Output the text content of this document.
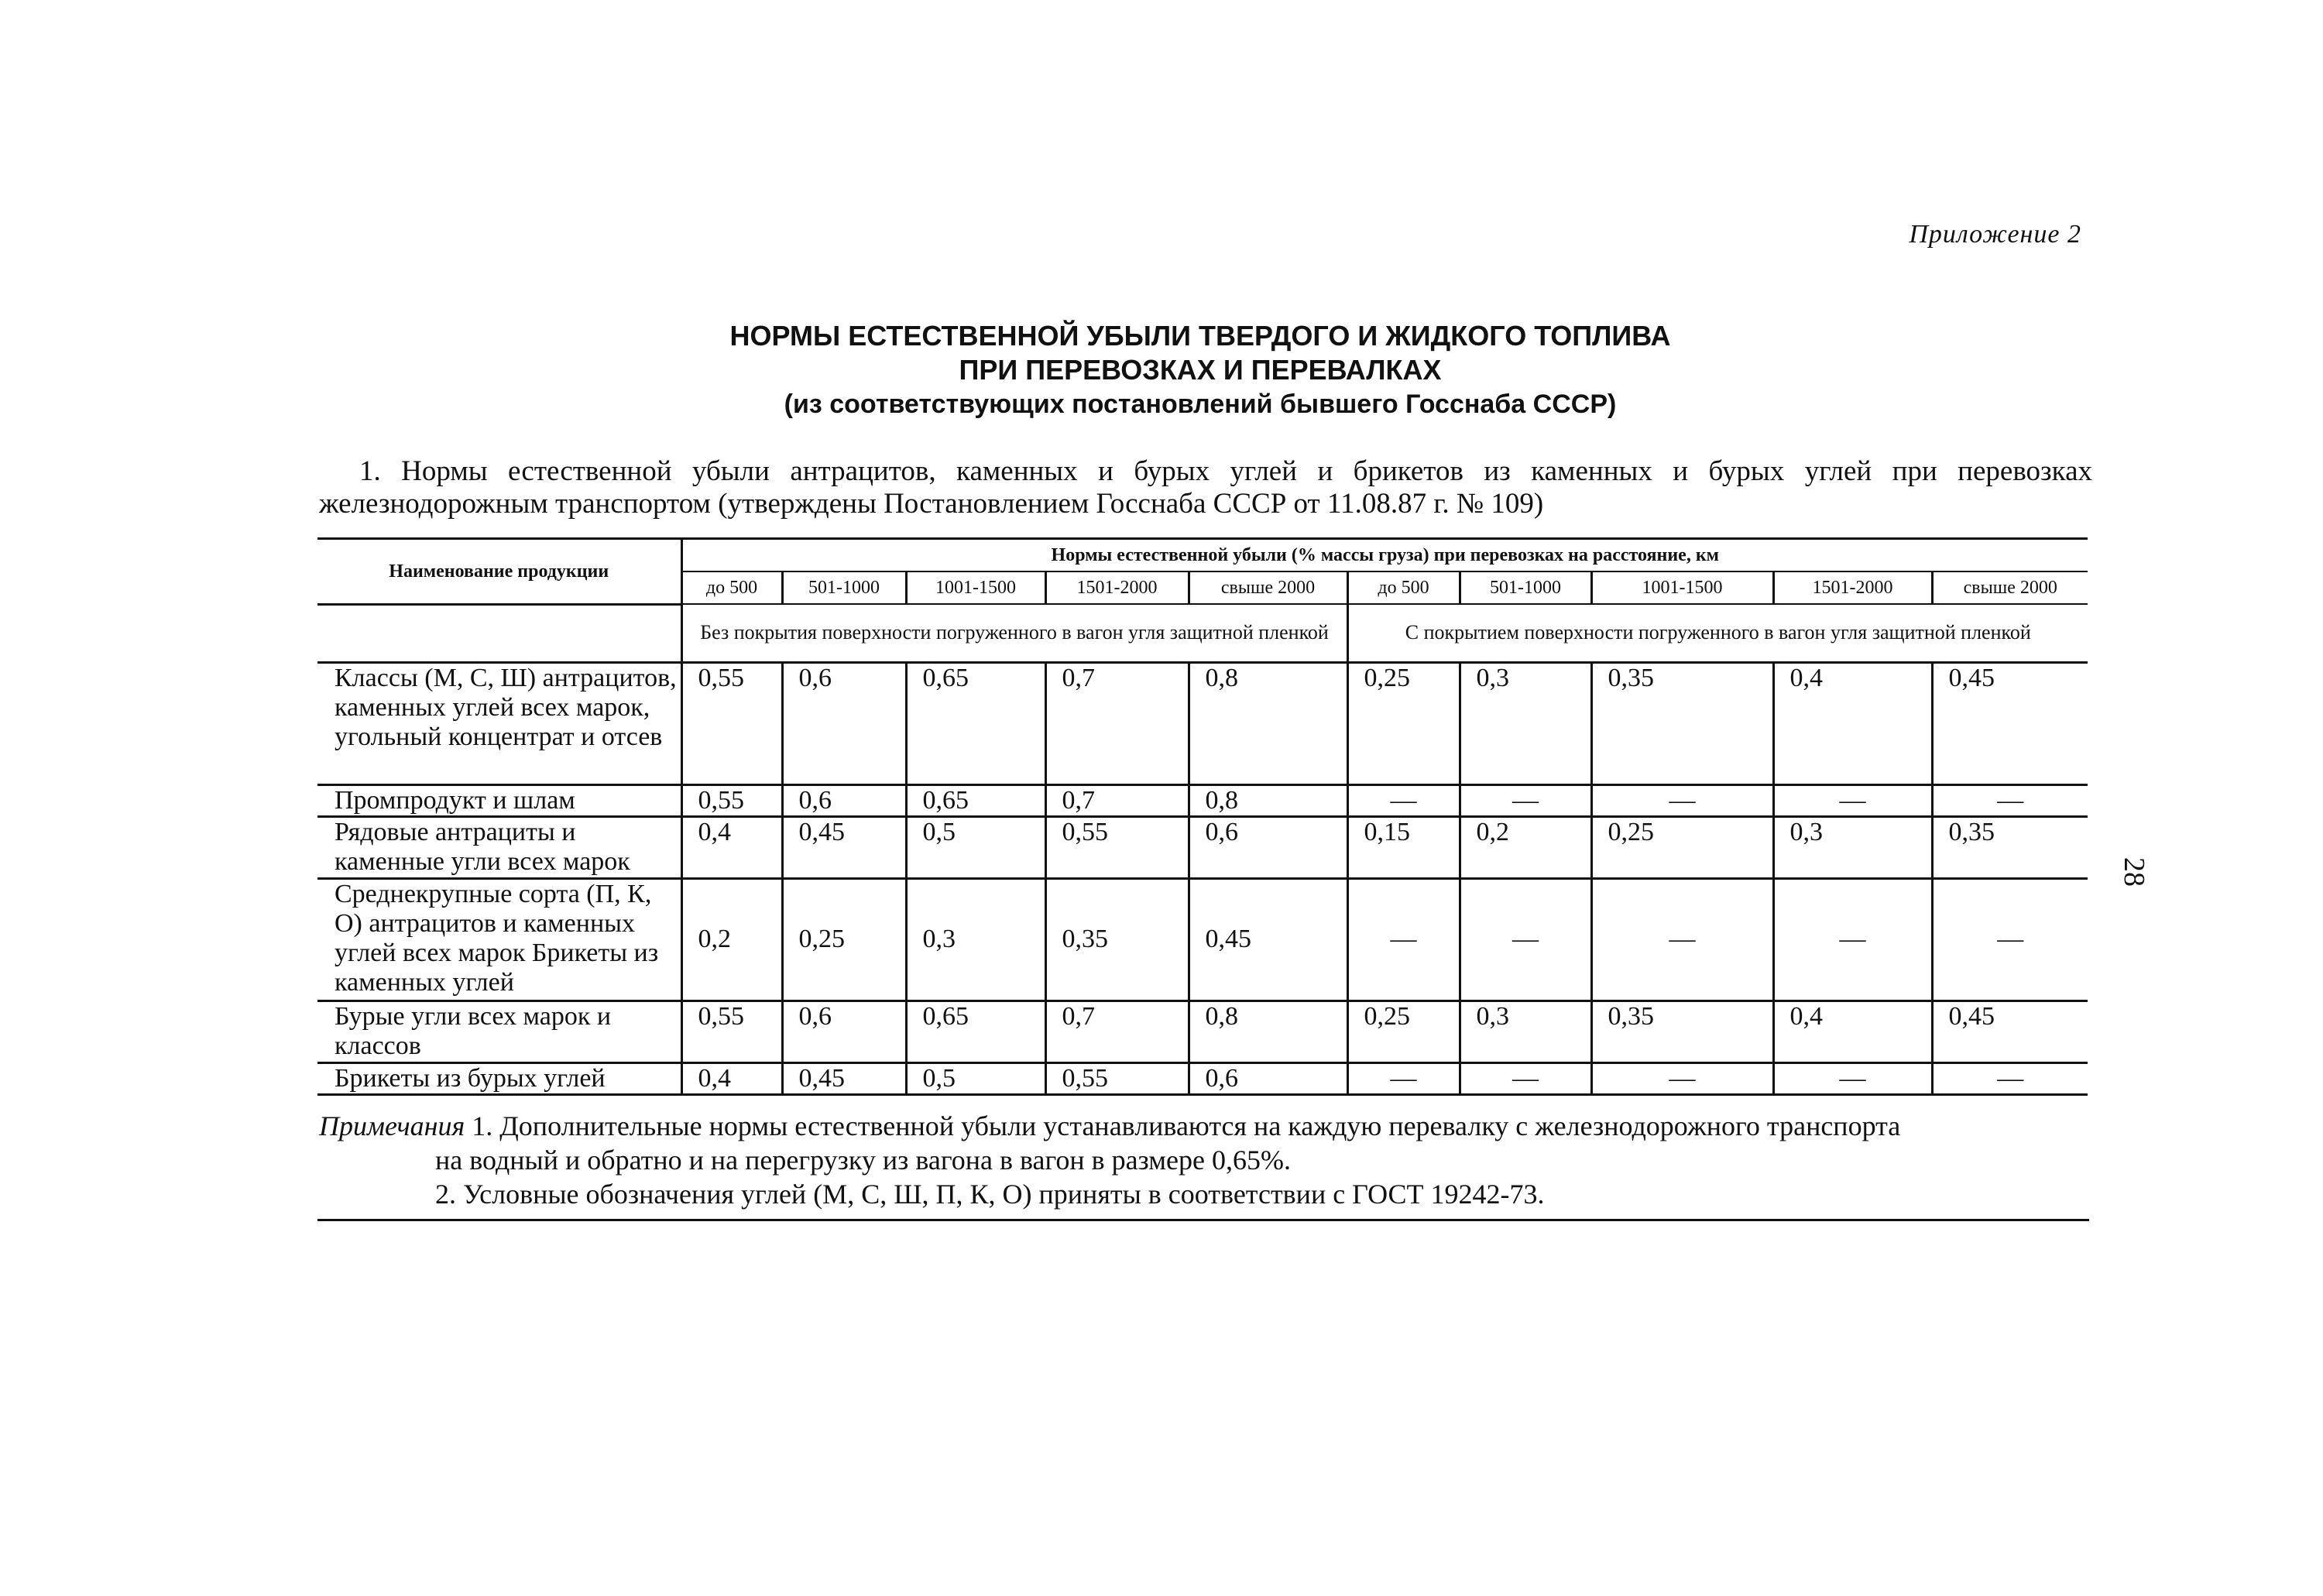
Приложение 2
28
НОРМЫ ЕСТЕСТВЕННОЙ УБЫЛИ ТВЕРДОГО И ЖИДКОГО ТОПЛИВА
ПРИ ПЕРЕВОЗКАХ И ПЕРЕВАЛКАХ
(из соответствующих постановлений бывшего Госснаба СССР)
1. Нормы естественной убыли антрацитов, каменных и бурых углей и брикетов из каменных и бурых углей при перевозках железнодорожным транспортом (утверждены Постановлением Госснаба СССР от 11.08.87 г. № 109)
Наименование продукции	Нормы естественной убыли (% массы груза) при перевозках на расстояние, км									
	до 500	501-1000	1001-1500	1501-2000	свыше 2000	до 500	501-1000	1001-1500	1501-2000	свыше 2000
	Без покрытия поверхности погруженного в вагон угля защитной пленкой					С покрытием поверхности погруженного в вагон угля защитной пленкой				
Классы (М, С, Ш) антрацитов, каменных углей всех марок, угольный концентрат и отсев	0,55	0,6	0,65	0,7	0,8	0,25	0,3	0,35	0,4	0,45
Промпродукт и шлам	0,55	0,6	0,65	0,7	0,8	—	—	—	—	—
Рядовые антрациты и каменные угли всех марок	0,4	0,45	0,5	0,55	0,6	0,15	0,2	0,25	0,3	0,35
Среднекрупные сорта (П, К, О) антрацитов и каменных углей всех марок Брикеты из каменных углей	0,2	0,25	0,3	0,35	0,45	—	—	—	—	—
Бурые угли всех марок и классов	0,55	0,6	0,65	0,7	0,8	0,25	0,3	0,35	0,4	0,45
Брикеты из бурых углей	0,4	0,45	0,5	0,55	0,6	—	—	—	—	—
Примечания 1. Дополнительные нормы естественной убыли устанавливаются на каждую перевалку с железнодорожного транспорта
на водный и обратно и на перегрузку из вагона в вагон в размере 0,65%.
2. Условные обозначения углей (М, С, Ш, П, К, О) приняты в соответствии с ГОСТ 19242-73.
